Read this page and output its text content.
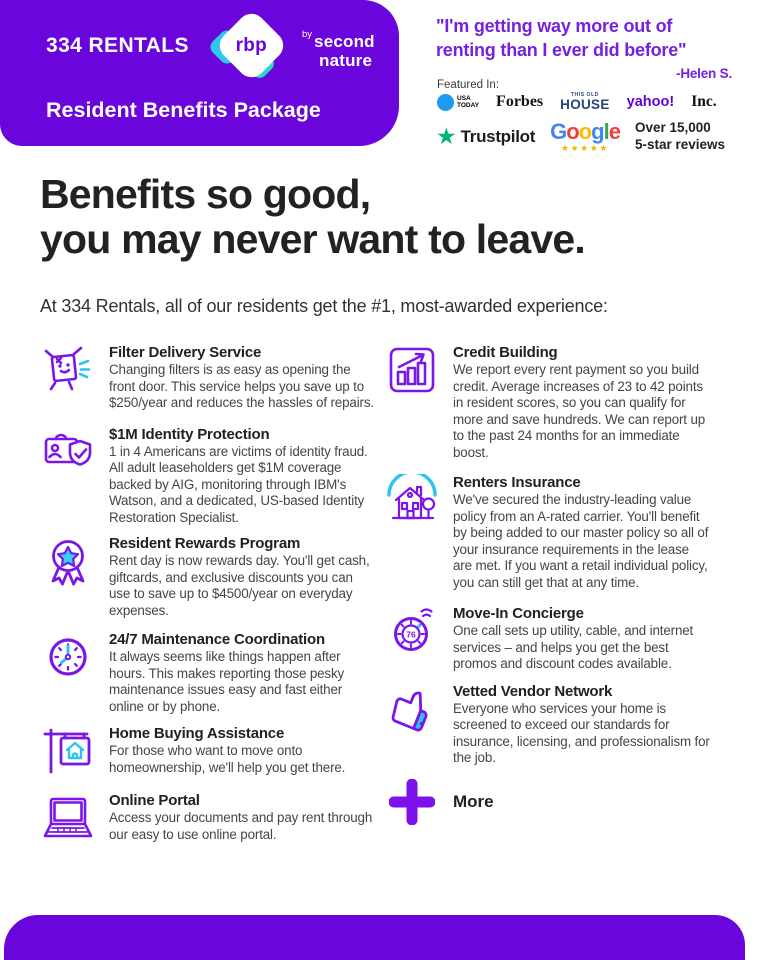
334 RENTALS rbp	$^{by}$ second
nature
Resident Benefits Package
"I'm getting way more out of
renting than I ever did before"
-Helen S.
Featured In:
USA
TODAY Forbes	THIS OLD
HOUSE yahoo! Inc.
★ Trustpilot Google
★★★★★
Over 15,000
5-star reviews
Benefits so good,
you may never want to leave.
At 334 Rentals, all of our residents get the #1, most-awarded experience:
Filter Delivery Service
Changing filters is as easy as opening the front door. This service helps you save up to $250/year and reduces the hassles of repairs.
$1M Identity Protection
1 in 4 Americans are victims of identity fraud. All adult leaseholders get $1M coverage backed by AIG, monitoring through IBM's Watson, and a dedicated, US-based Identity Restoration Specialist.
Resident Rewards Program
Rent day is now rewards day. You'll get cash, giftcards, and exclusive discounts you can use to save up to $4500/year on everyday expenses.
24/7 Maintenance Coordination
It always seems like things happen after hours. This makes reporting those pesky maintenance issues easy and fast either online or by phone.
Home Buying Assistance
For those who want to move onto homeownership, we'll help you get there.
Online Portal
Access your documents and pay rent through our easy to use online portal.
Credit Building
We report every rent payment so you build credit. Average increases of 23 to 42 points in resident scores, so you can qualify for more and save hundreds. We can report up to the past 24 months for an immediate boost.
Renters Insurance
We've secured the industry-leading value policy from an A-rated carrier. You'll benefit by being added to our master policy so all of your insurance requirements in the lease are met. If you want a retail individual policy, you can still get that at any time.
76
Move-In Concierge
One call sets up utility, cable, and internet services – and helps you get the best promos and discount codes available.
Vetted Vendor Network
Everyone who services your home is screened to exceed our standards for insurance, licensing, and professionalism for the job.
More
